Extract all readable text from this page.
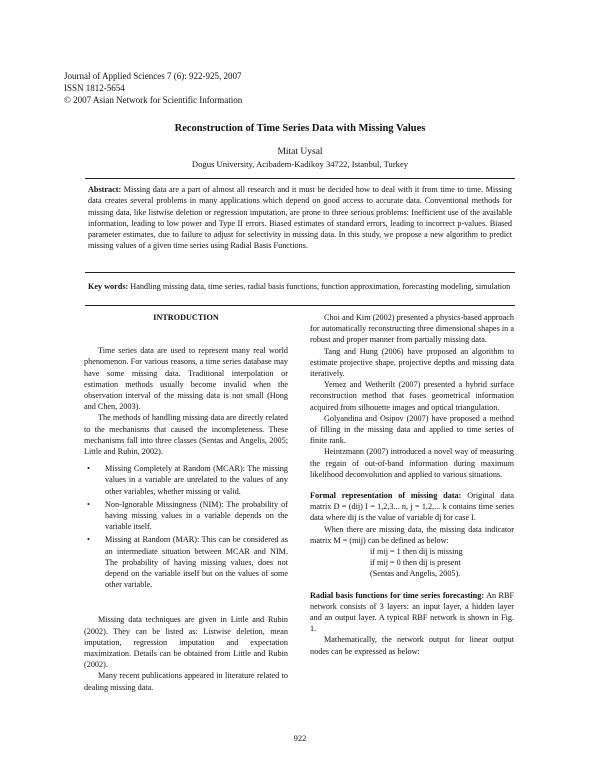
Journal of Applied Sciences 7 (6): 922-925, 2007
ISSN 1812-5654
© 2007 Asian Network for Scientific Information
Reconstruction of Time Series Data with Missing Values
Mitat Uysal
Dogus University, Acibadem-Kadikoy 34722, Istanbul, Turkey
Abstract: Missing data are a part of almost all research and it must be decided how to deal with it from time to time. Missing data creates several problems in many applications which depend on good access to accurate data. Conventional methods for missing data, like listwise deletion or regression imputation, are prone to three serious problems: Inefficient use of the available information, leading to low power and Type II errors. Biased estimates of standard errors, leading to incorrect p-values. Biased parameter estimates, due to failure to adjust for selectivity in missing data. In this study, we propose a new algorithm to predict missing values of a given time series using Radial Basis Functions.
Key words: Handling missing data, time series, radial basis functions, function approximation, forecasting modeling, simulation
INTRODUCTION

Time series data are used to represent many real world phenomenon. For various reasons, a time series database may have some missing data. Traditional interpolation or estimation methods usually become invalid when the observation interval of the missing data is not small (Hong and Chen, 2003).

The methods of handling missing data are directly related to the mechanisms that caused the incompleteness. These mechanisms fall into three classes (Sentas and Angelis, 2005; Little and Rubin, 2002).

• Missing Completely at Random (MCAR): The missing values in a variable are unrelated to the values of any other variables, whether missing or valid.
• Non-Ignorable Missingness (NIM): The probability of having missing values in a variable depends on the variable itself.
• Missing at Random (MAR): This can be considered as an intermediate situation between MCAR and NIM. The probability of having missing values, does not depend on the variable itself but on the values of some other variable.

Missing data techniques are given in Little and Rubin (2002). They can be listed as: Listwise deletion, mean imputation, regression imputation and expectation maximization. Details can be obtained from Little and Rubin (2002).

Many recent publications appeared in literature related to dealing missing data.

Choi and Kim (2002) presented a physics-based approach for automatically reconstructing three dimensional shapes in a robust and proper manner from partially missing data.

Tang and Hung (2006) have proposed an algorithm to estimate projective shape, projective depths and missing data iteratively.

Yemez and Wetherilt (2007) presented a hybrid surface reconstruction method that fuses geometrical information acquired from silhouette images and optical triangulation.

Golyandina and Osipov (2007) have proposed a method of filling in the missing data and applied to time series of finite rank.

Heintzmann (2007) introduced a novel way of measuring the regain of out-of-band information during maximum likelihood deconvolution and applied to various situations.

Formal representation of missing data: Original data matrix D = (dij) I = 1,2,3... n, j = 1,2,... k contains time series data where dij is the value of variable dj for case I.

When there are missing data, the missing data indicator matrix M = (mij) can be defined as below:

if mij = 1 then dij is missing
if mij = 0 then dij is present
(Sentas and Angelis, 2005).

Radial basis functions for time series forecasting: An RBF network consists of 3 layers: an input layer, a hidden layer and an output layer. A typical RBF network is shown in Fig. 1.

Mathematically, the network output for linear output nodes can be expressed as below:

922
